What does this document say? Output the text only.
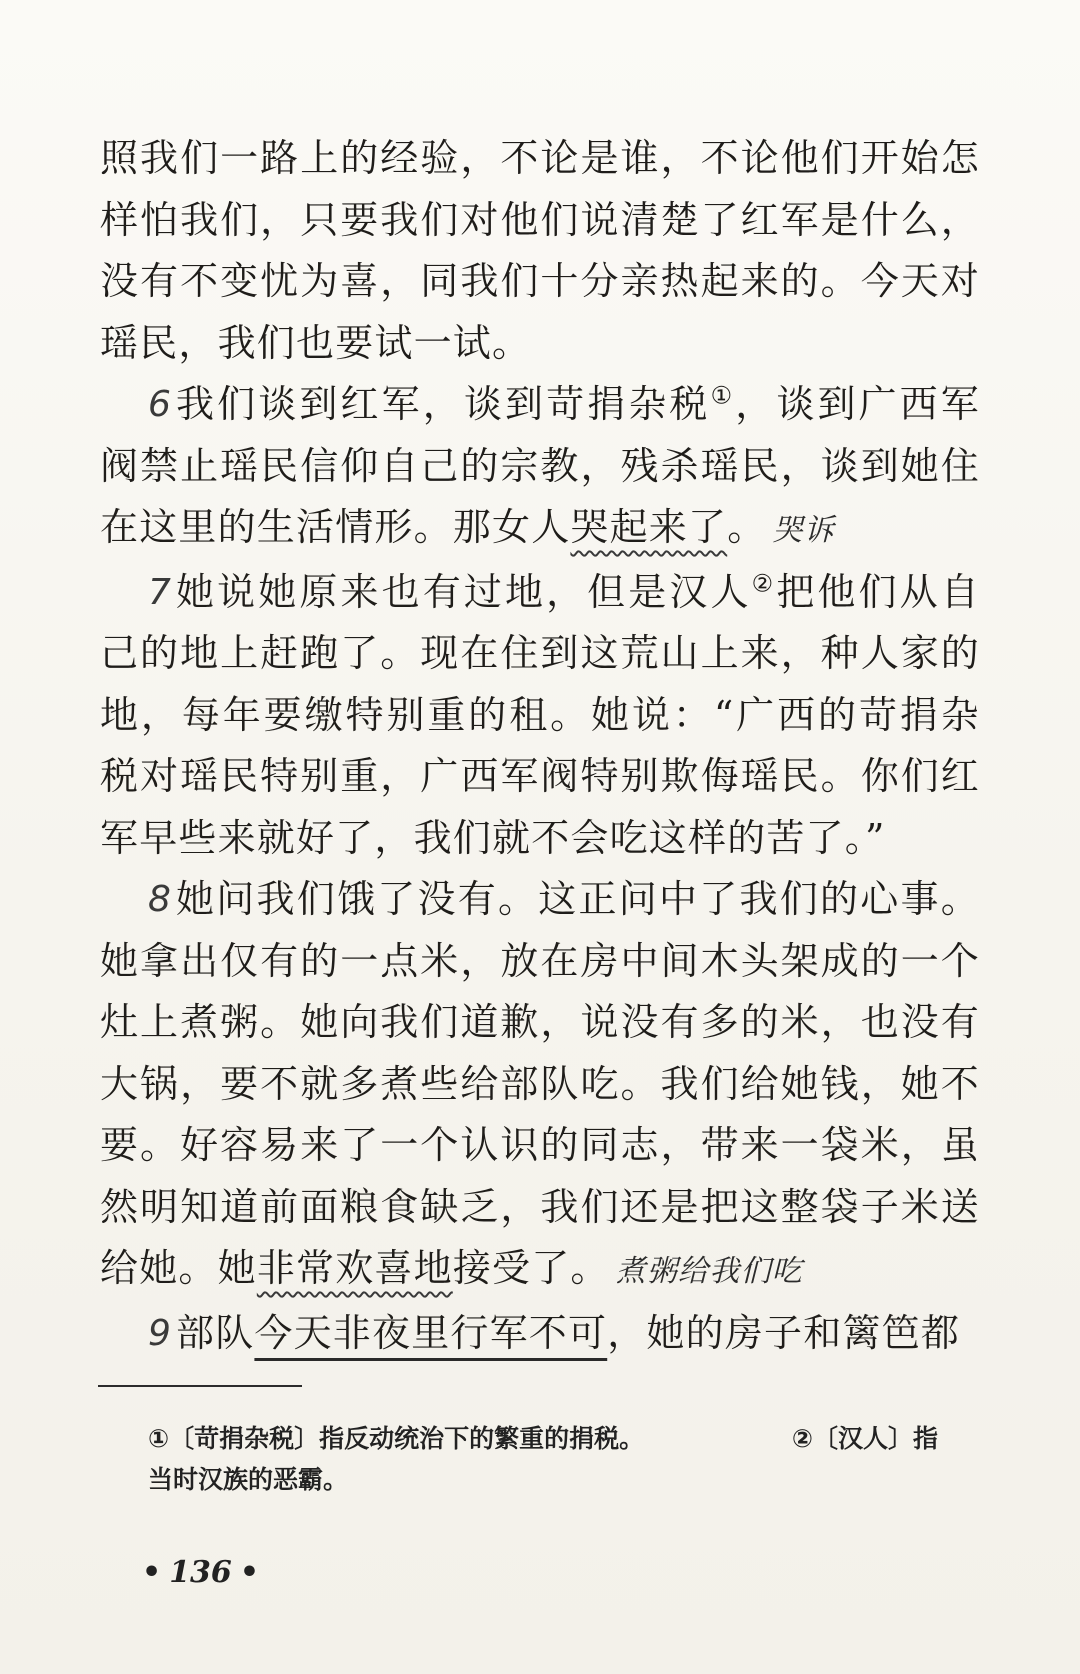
照我们一路上的经验，不论是谁，不论他们开始怎样怕我们，只要我们对他们说清楚了红军是什么，没有不变忧为喜，同我们十分亲热起来的。今天对瑶民，我们也要试一试。

6 我们谈到红军，谈到苛捐杂税①，谈到广西军阀禁止瑶民信仰自己的宗教，残杀瑶民，谈到她住在这里的生活情形。那女人哭起来了。 哭诉

7 她说她原来也有过地，但是汉人②把他们从自己的地上赶跑了。现在住到这荒山上来，种人家的地，每年要缴特别重的租。她说：“广西的苛捐杂税对瑶民特别重，广西军阀特别欺侮瑶民。你们红军早些来就好了，我们就不会吃这样的苦了。”

8 她问我们饿了没有。这正问中了我们的心事。她拿出仅有的一点米，放在房中间木头架成的一个灶上煮粥。她向我们道歉，说没有多的米，也没有大锅，要不就多煮些给部队吃。我们给她钱，她不要。好容易来了一个认识的同志，带来一袋米，虽然明知道前面粮食缺乏，我们还是把这整袋子米送给她。她非常欢喜地接受了。 煮粥给我们吃

9 部队今天非夜里行军不可，她的房子和篱笆都

①〔苛捐杂税〕指反动统治下的繁重的捐税。	②〔汉人〕指
当时汉族的恶霸。
• 136 •
